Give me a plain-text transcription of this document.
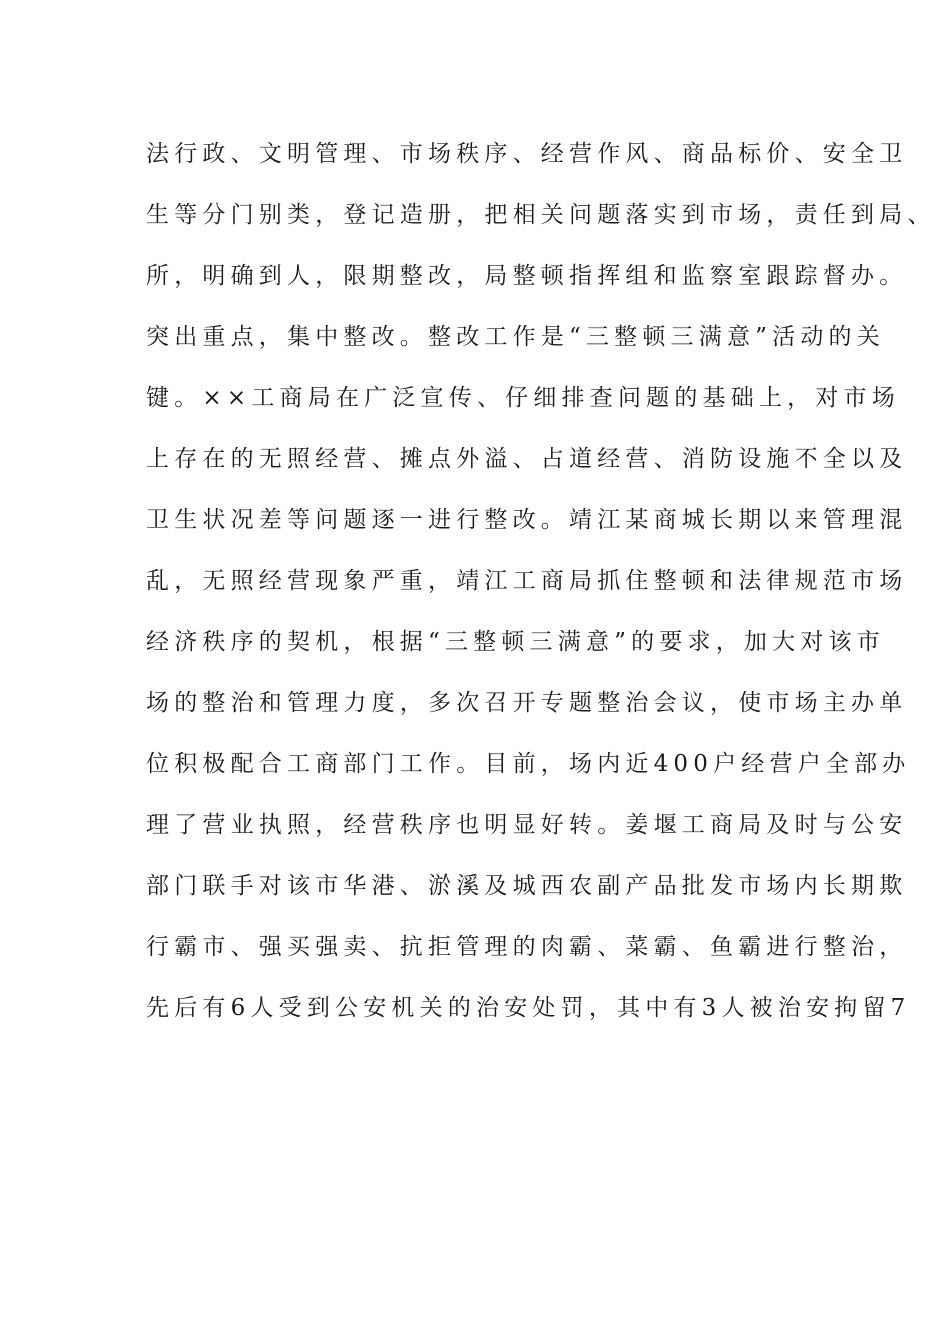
法行政、文明管理、市场秩序、经营作风、商品标价、安全卫
生等分门别类，登记造册，把相关问题落实到市场，责任到局、
所，明确到人，限期整改，局整顿指挥组和监察室跟踪督办。
突出重点，集中整改。整改工作是“三整顿三满意”活动的关
键。××工商局在广泛宣传、仔细排查问题的基础上，对市场
上存在的无照经营、摊点外溢、占道经营、消防设施不全以及
卫生状况差等问题逐一进行整改。靖江某商城长期以来管理混
乱，无照经营现象严重，靖江工商局抓住整顿和法律规范市场
经济秩序的契机，根据“三整顿三满意”的要求，加大对该市
场的整治和管理力度，多次召开专题整治会议，使市场主办单
位积极配合工商部门工作。目前，场内近400户经营户全部办
理了营业执照，经营秩序也明显好转。姜堰工商局及时与公安
部门联手对该市华港、淤溪及城西农副产品批发市场内长期欺
行霸市、强买强卖、抗拒管理的肉霸、菜霸、鱼霸进行整治，
先后有6人受到公安机关的治安处罚，其中有3人被治安拘留7
